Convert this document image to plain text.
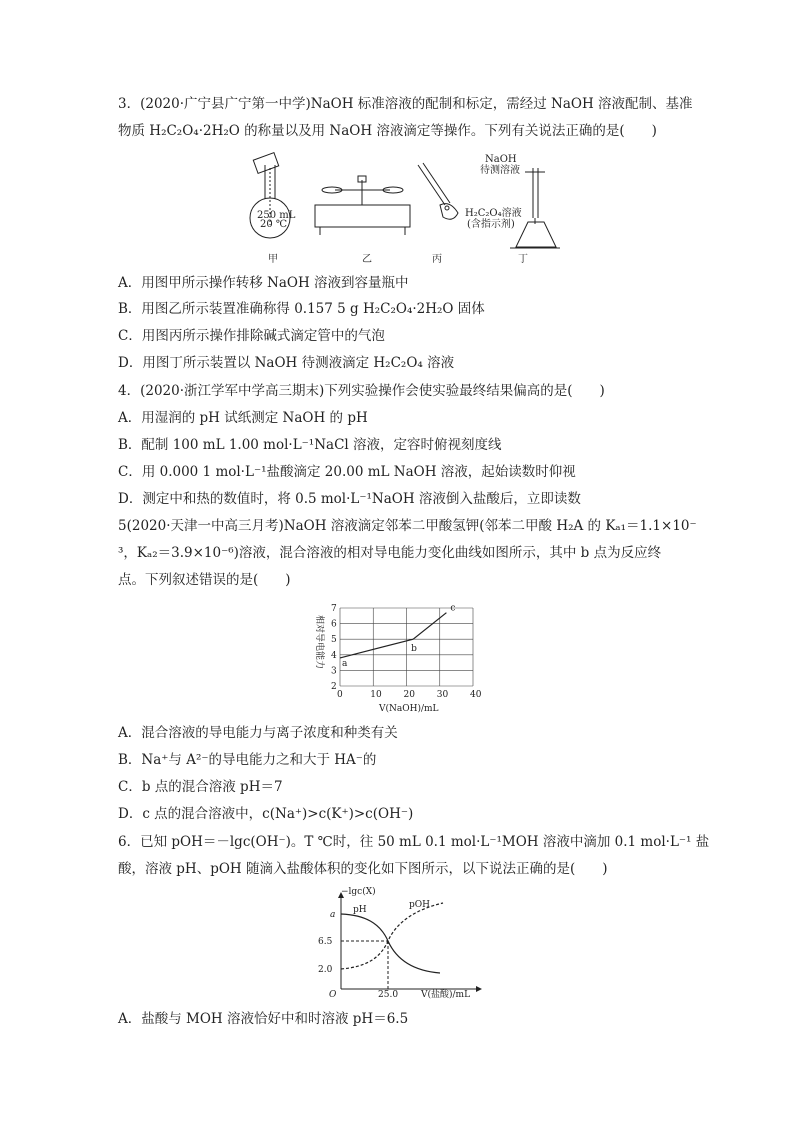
3．(2020·广宁县广宁第一中学)NaOH 标准溶液的配制和标定，需经过 NaOH 溶液配制、基准
物质 H₂C₂O₄·2H₂O 的称量以及用 NaOH 溶液滴定等操作。下列有关说法正确的是(　　)
250 mL
20 ℃
NaOH
待测溶液
H₂C₂O₄溶液
(含指示剂)
甲	乙	丙	丁
A．用图甲所示操作转移 NaOH 溶液到容量瓶中
B．用图乙所示装置准确称得 0.157 5 g H₂C₂O₄·2H₂O 固体
C．用图丙所示操作排除碱式滴定管中的气泡
D．用图丁所示装置以 NaOH 待测液滴定 H₂C₂O₄ 溶液
4．(2020·浙江学军中学高三期末)下列实验操作会使实验最终结果偏高的是(　　)
A．用湿润的 pH 试纸测定 NaOH 的 pH
B．配制 100 mL 1.00 mol·L⁻¹NaCl 溶液，定容时俯视刻度线
C．用 0.000 1 mol·L⁻¹盐酸滴定 20.00 mL NaOH 溶液，起始读数时仰视
D．测定中和热的数值时，将 0.5 mol·L⁻¹NaOH 溶液倒入盐酸后，立即读数
5(2020·天津一中高三月考)NaOH 溶液滴定邻苯二甲酸氢钾(邻苯二甲酸 H₂A 的 Kₐ₁＝1.1×10⁻
³，Kₐ₂＝3.9×10⁻⁶)溶液，混合溶液的相对导电能力变化曲线如图所示，其中 b 点为反应终
点。下列叙述错误的是(　　)
0	10 20 30 40
2
3
4
5
6
7
a
b
c
V(NaOH)/mL
相对导电能力
A．混合溶液的导电能力与离子浓度和种类有关
B．Na⁺与 A²⁻的导电能力之和大于 HA⁻的
C．b 点的混合溶液 pH＝7
D．c 点的混合溶液中，c(Na⁺)>c(K⁺)>c(OH⁻)
6．已知 pOH＝－lgc(OH⁻)。T ℃时，往 50 mL 0.1 mol·L⁻¹MOH 溶液中滴加 0.1 mol·L⁻¹ 盐
酸，溶液 pH、pOH 随滴入盐酸体积的变化如下图所示，以下说法正确的是(　　)
−lgc(X)
V(盐酸)/mL
O
a
6.5
2.0
25.0
pH	pOH
A．盐酸与 MOH 溶液恰好中和时溶液 pH＝6.5
